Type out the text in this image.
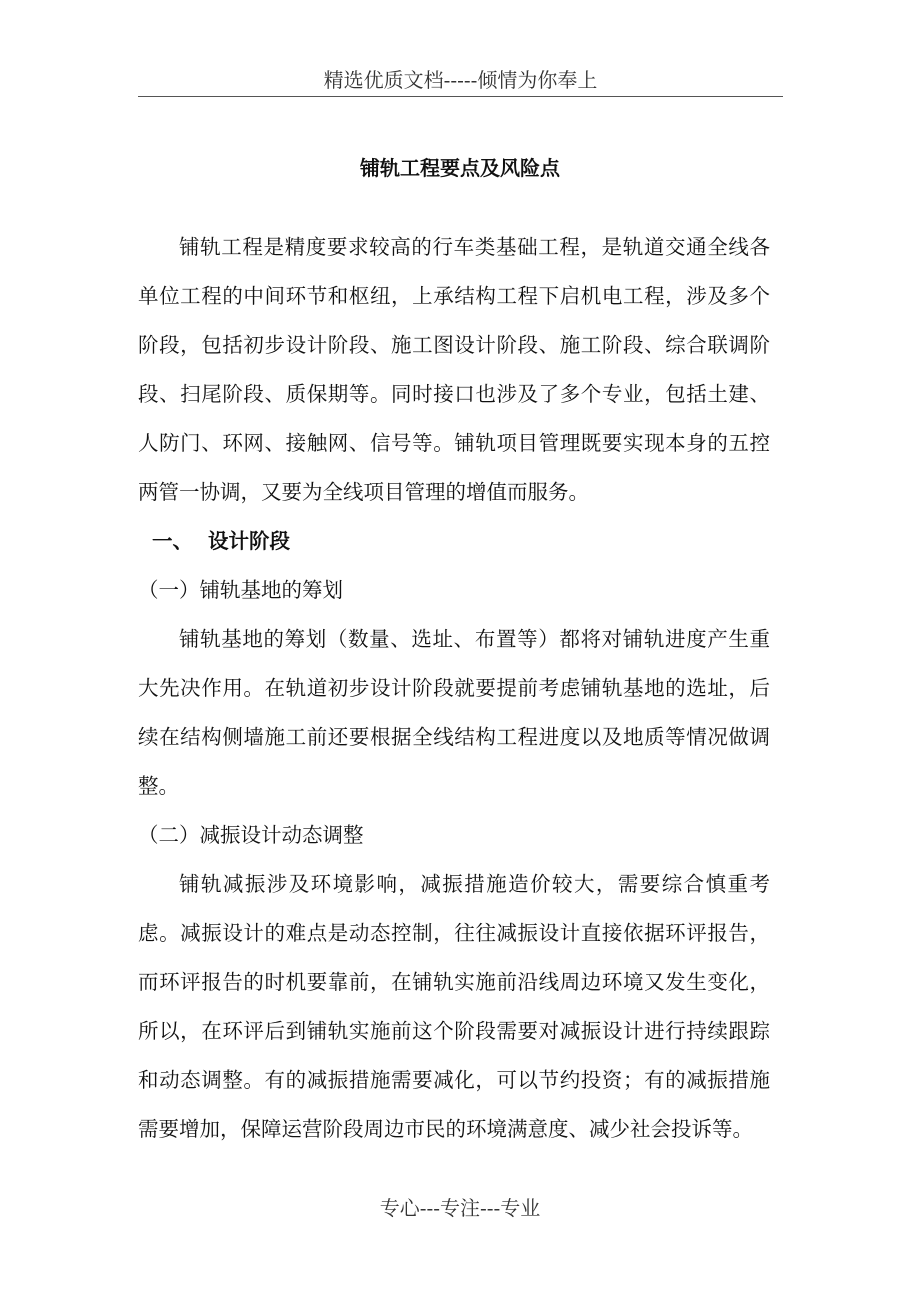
精选优质文档-----倾情为你奉上
铺轨工程要点及风险点

铺轨工程是精度要求较高的行车类基础工程，是轨道交通全线各单位工程的中间环节和枢纽，上承结构工程下启机电工程，涉及多个阶段，包括初步设计阶段、施工图设计阶段、施工阶段、综合联调阶段、扫尾阶段、质保期等。同时接口也涉及了多个专业，包括土建、人防门、环网、接触网、信号等。铺轨项目管理既要实现本身的五控两管一协调，又要为全线项目管理的增值而服务。

一、 设计阶段

（一）铺轨基地的筹划

铺轨基地的筹划（数量、选址、布置等）都将对铺轨进度产生重大先决作用。在轨道初步设计阶段就要提前考虑铺轨基地的选址，后续在结构侧墙施工前还要根据全线结构工程进度以及地质等情况做调整。

（二）减振设计动态调整

铺轨减振涉及环境影响，减振措施造价较大，需要综合慎重考虑。减振设计的难点是动态控制，往往减振设计直接依据环评报告，而环评报告的时机要靠前，在铺轨实施前沿线周边环境又发生变化，所以，在环评后到铺轨实施前这个阶段需要对减振设计进行持续跟踪和动态调整。有的减振措施需要减化，可以节约投资；有的减振措施需要增加，保障运营阶段周边市民的环境满意度、减少社会投诉等。

专心---专注---专业
